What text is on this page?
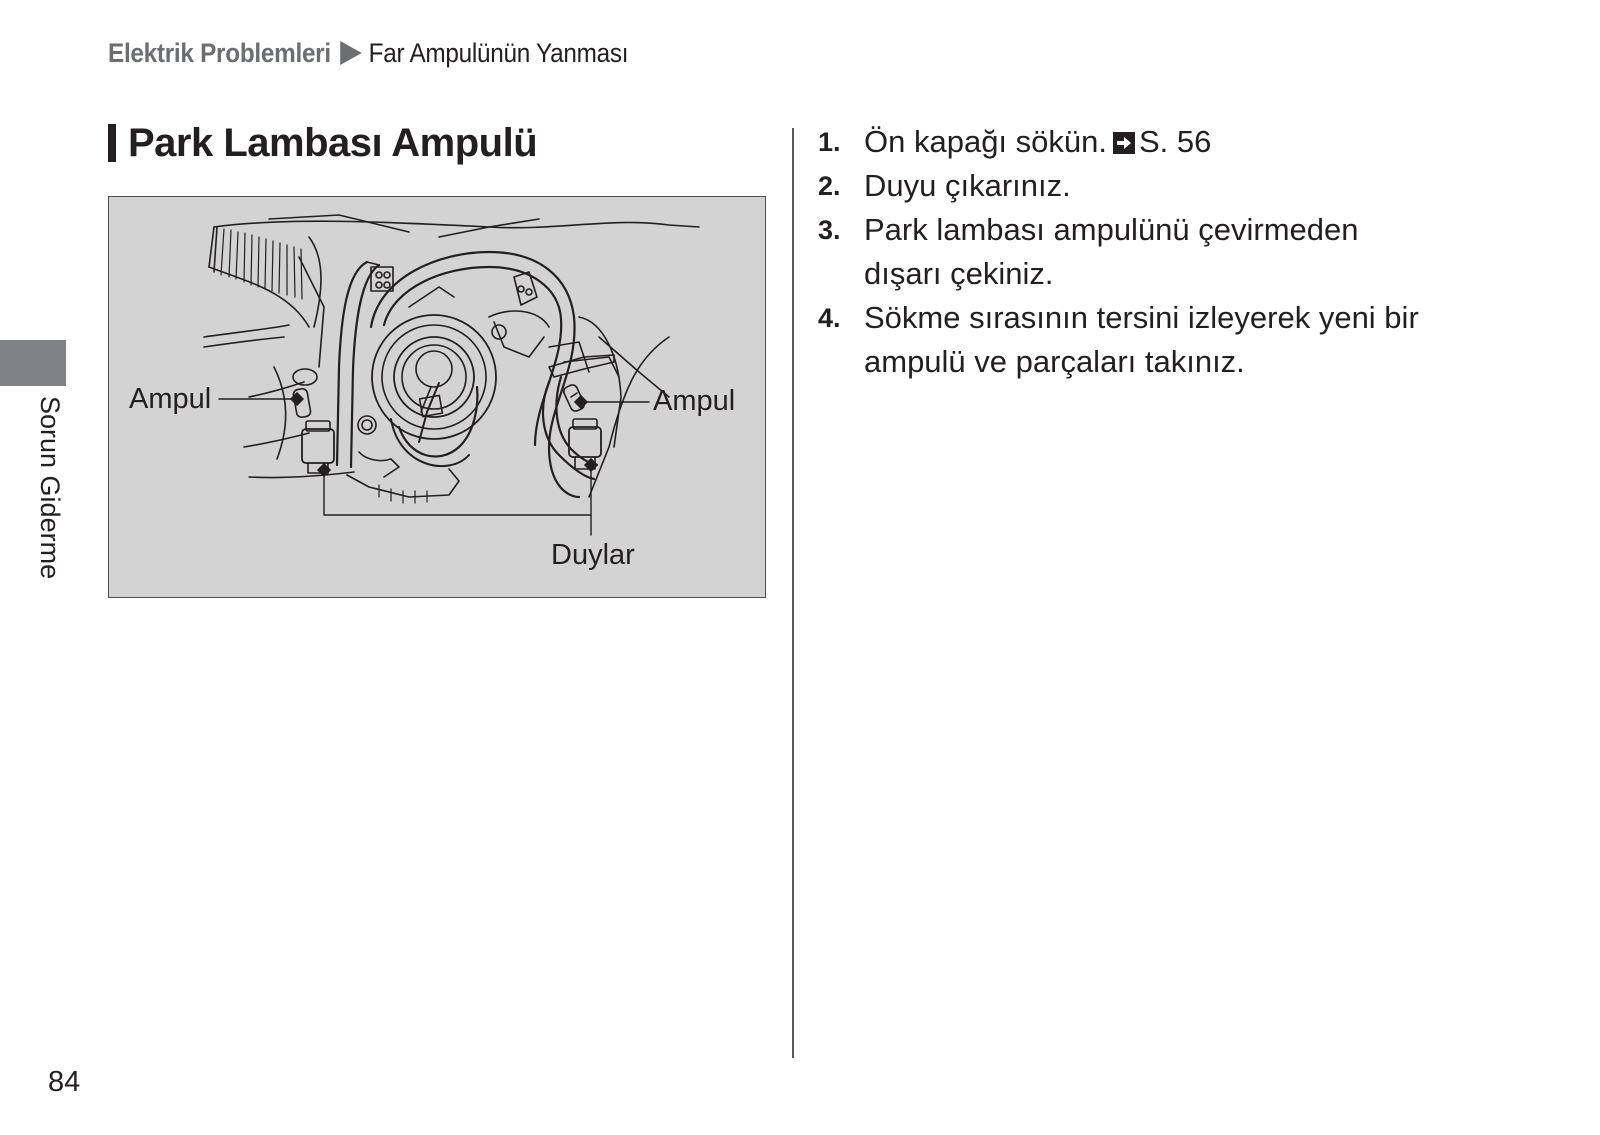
Elektrik Problemleri Far Ampulünün Yanması
Park Lambası Ampulü
Ampul	Ampul
Duylar
1. Ön kapağı sökün. S. 56
2. Duyu çıkarınız.
3. Park lambası ampulünü çevirmeden dışarı çekiniz.
4. Sökme sırasının tersini izleyerek yeni bir ampulü ve parçaları takınız.
Sorun Giderme
84
